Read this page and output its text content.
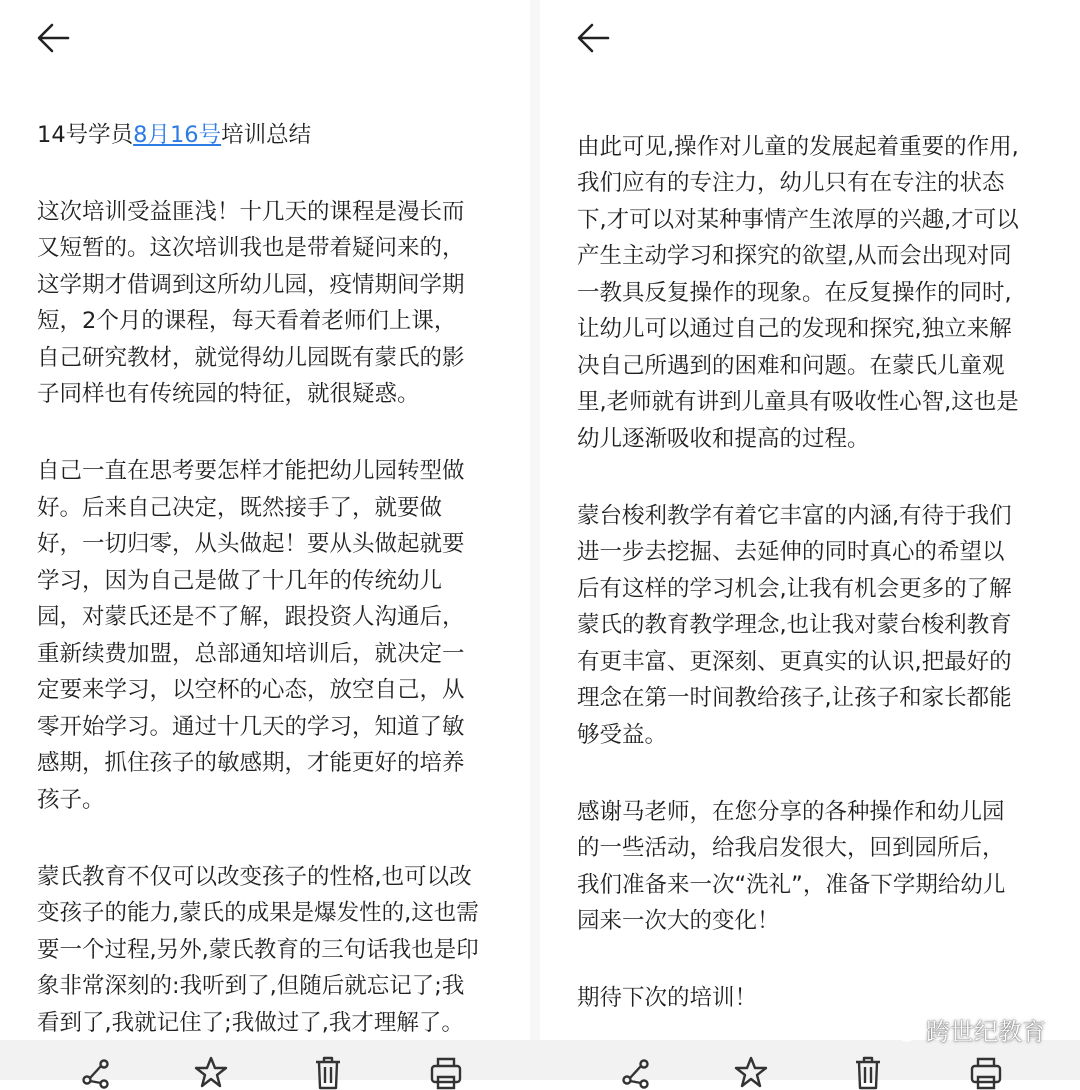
14号学员8月16号培训总结

这次培训受益匪浅！十几天的课程是漫长而
又短暂的。这次培训我也是带着疑问来的，
这学期才借调到这所幼儿园，疫情期间学期
短，2个月的课程，每天看着老师们上课，
自己研究教材，就觉得幼儿园既有蒙氏的影
子同样也有传统园的特征，就很疑惑。

自己一直在思考要怎样才能把幼儿园转型做
好。后来自己决定，既然接手了，就要做
好，一切归零，从头做起！要从头做起就要
学习，因为自己是做了十几年的传统幼儿
园，对蒙氏还是不了解，跟投资人沟通后，
重新续费加盟，总部通知培训后，就决定一
定要来学习，以空杯的心态，放空自己，从
零开始学习。通过十几天的学习，知道了敏
感期，抓住孩子的敏感期，才能更好的培养
孩子。

蒙氏教育不仅可以改变孩子的性格,也可以改
变孩子的能力,蒙氏的成果是爆发性的,这也需
要一个过程,另外,蒙氏教育的三句话我也是印
象非常深刻的:我听到了,但随后就忘记了;我
看到了,我就记住了;我做过了,我才理解了。

由此可见,操作对儿童的发展起着重要的作用,
我们应有的专注力，幼儿只有在专注的状态
下,才可以对某种事情产生浓厚的兴趣,才可以
产生主动学习和探究的欲望,从而会出现对同
一教具反复操作的现象。在反复操作的同时,
让幼儿可以通过自己的发现和探究,独立来解
决自己所遇到的困难和问题。在蒙氏儿童观
里,老师就有讲到儿童具有吸收性心智,这也是
幼儿逐渐吸收和提高的过程。

蒙台梭利教学有着它丰富的内涵,有待于我们
进一步去挖掘、去延伸的同时真心的希望以
后有这样的学习机会,让我有机会更多的了解
蒙氏的教育教学理念,也让我对蒙台梭利教育
有更丰富、更深刻、更真实的认识,把最好的
理念在第一时间教给孩子,让孩子和家长都能
够受益。

感谢马老师，在您分享的各种操作和幼儿园
的一些活动，给我启发很大，回到园所后，
我们准备来一次“洗礼”，准备下学期给幼儿
园来一次大的变化！

期待下次的培训！

跨世纪教育
